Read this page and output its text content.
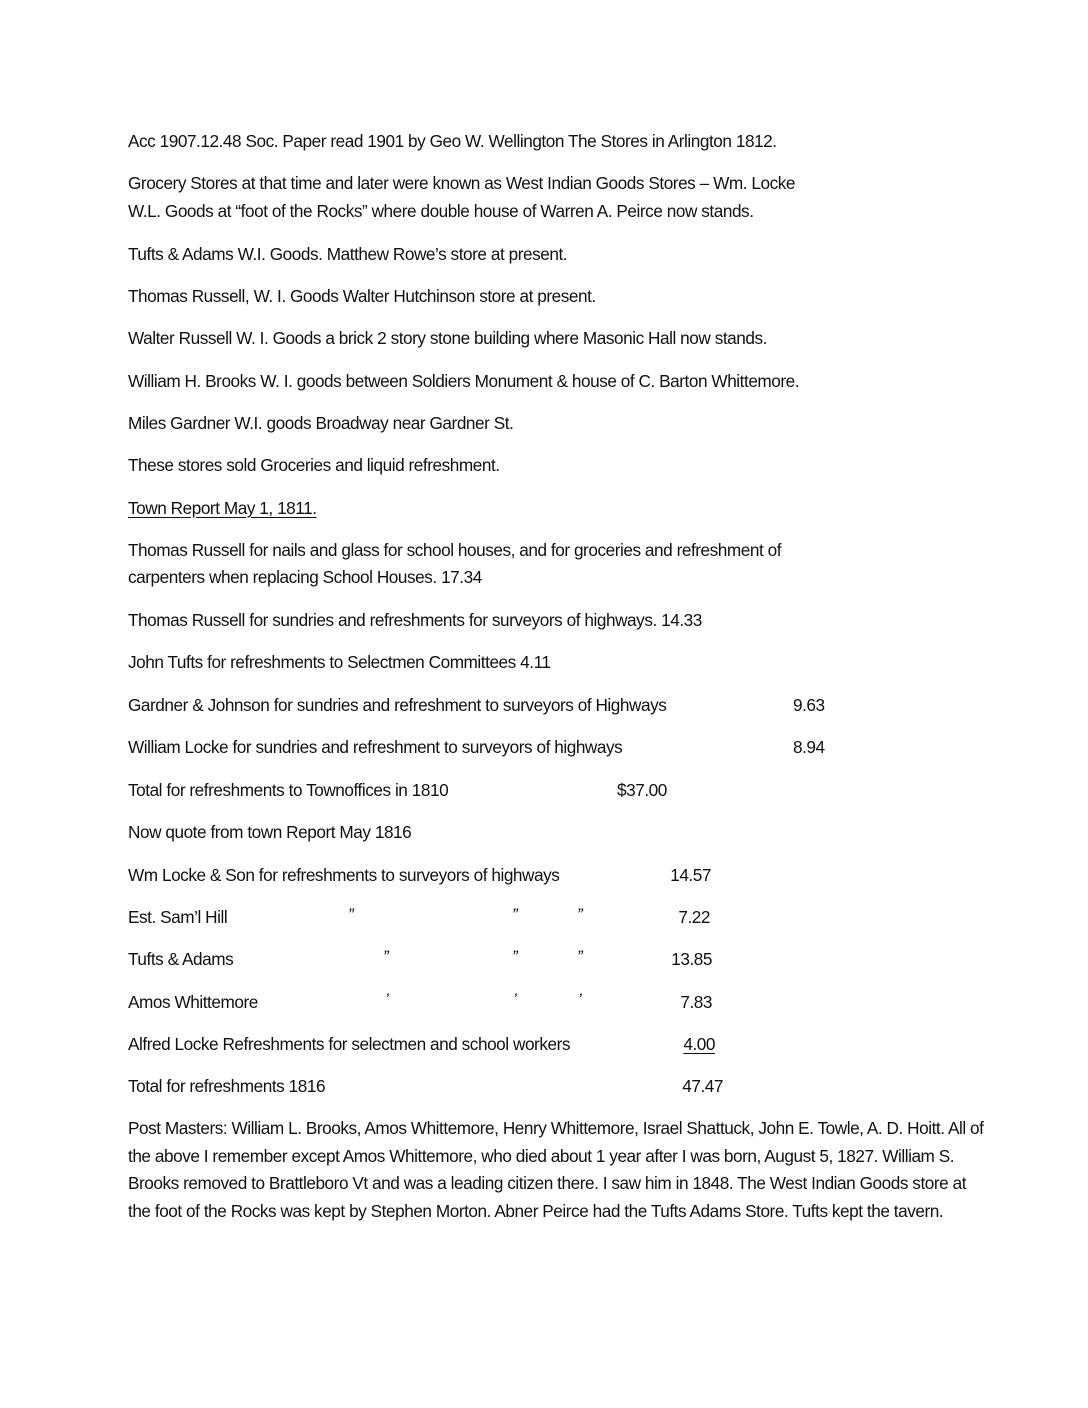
Acc 1907.12.48 Soc. Paper read 1901 by Geo W. Wellington The Stores in Arlington 1812.
Grocery Stores at that time and later were known as West Indian Goods Stores – Wm. Locke
W.L. Goods at “foot of the Rocks” where double house of Warren A. Peirce now stands.
Tufts & Adams W.I. Goods. Matthew Rowe’s store at present.
Thomas Russell, W. I. Goods Walter Hutchinson store at present.
Walter Russell W. I. Goods a brick 2 story stone building where Masonic Hall now stands.
William H. Brooks W. I. goods between Soldiers Monument & house of C. Barton Whittemore.
Miles Gardner W.I. goods Broadway near Gardner St.
These stores sold Groceries and liquid refreshment.
Town Report May 1, 1811.
Thomas Russell for nails and glass for school houses, and for groceries and refreshment of
carpenters when replacing School Houses. 17.34
Thomas Russell for sundries and refreshments for surveyors of highways. 14.33
John Tufts for refreshments to Selectmen Committees 4.11
Gardner & Johnson for sundries and refreshment to surveyors of Highways	9.63
William Locke for sundries and refreshment to surveyors of highways	8.94
Total for refreshments to Townoffices in 1810	$37.00
Now quote from town Report May 1816
Wm Locke & Son for refreshments to surveyors of highways	14.57
Est. Sam’l Hill	”	”	”	7.22
Tufts & Adams	”	”	”	13.85
Amos Whittemore	’	’	’	7.83
Alfred Locke Refreshments for selectmen and school workers	4.00
Total for refreshments 1816	47.47
Post Masters: William L. Brooks, Amos Whittemore, Henry Whittemore, Israel Shattuck, John E. Towle, A. D. Hoitt. All of the above I remember except Amos Whittemore, who died about 1 year after I was born, August 5, 1827. William S. Brooks removed to Brattleboro Vt and was a leading citizen there. I saw him in 1848. The West Indian Goods store at the foot of the Rocks was kept by Stephen Morton. Abner Peirce had the Tufts Adams Store. Tufts kept the tavern.
